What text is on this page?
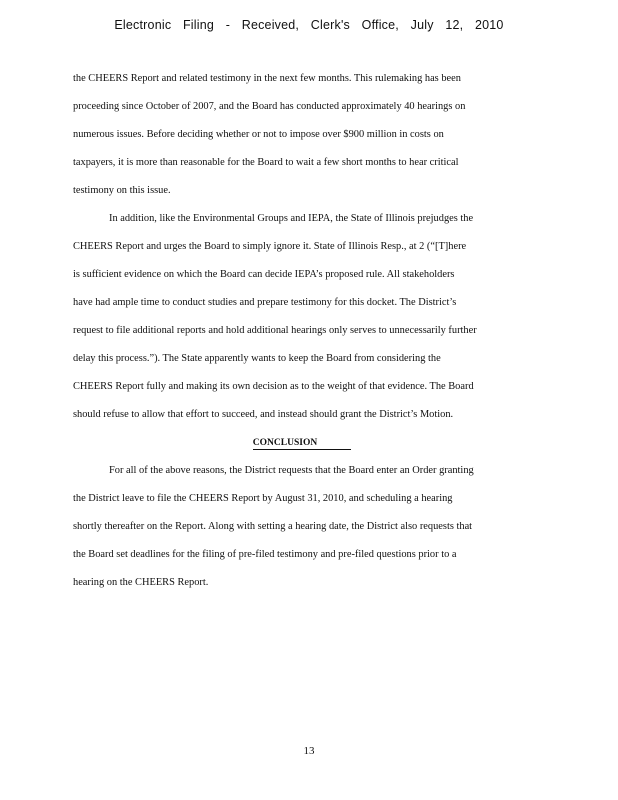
Electronic Filing - Received, Clerk's Office, July 12, 2010
the CHEERS Report and related testimony in the next few months. This rulemaking has been
proceeding since October of 2007, and the Board has conducted approximately 40 hearings on
numerous issues. Before deciding whether or not to impose over $900 million in costs on
taxpayers, it is more than reasonable for the Board to wait a few short months to hear critical
testimony on this issue.
In addition, like the Environmental Groups and IEPA, the State of Illinois prejudges the
CHEERS Report and urges the Board to simply ignore it. State of Illinois Resp., at 2 (“[T]here
is sufficient evidence on which the Board can decide IEPA’s proposed rule. All stakeholders
have had ample time to conduct studies and prepare testimony for this docket. The District’s
request to file additional reports and hold additional hearings only serves to unnecessarily further
delay this process.”). The State apparently wants to keep the Board from considering the
CHEERS Report fully and making its own decision as to the weight of that evidence. The Board
should refuse to allow that effort to succeed, and instead should grant the District’s Motion.
CONCLUSION
For all of the above reasons, the District requests that the Board enter an Order granting
the District leave to file the CHEERS Report by August 31, 2010, and scheduling a hearing
shortly thereafter on the Report. Along with setting a hearing date, the District also requests that
the Board set deadlines for the filing of pre-filed testimony and pre-filed questions prior to a
hearing on the CHEERS Report.
13
